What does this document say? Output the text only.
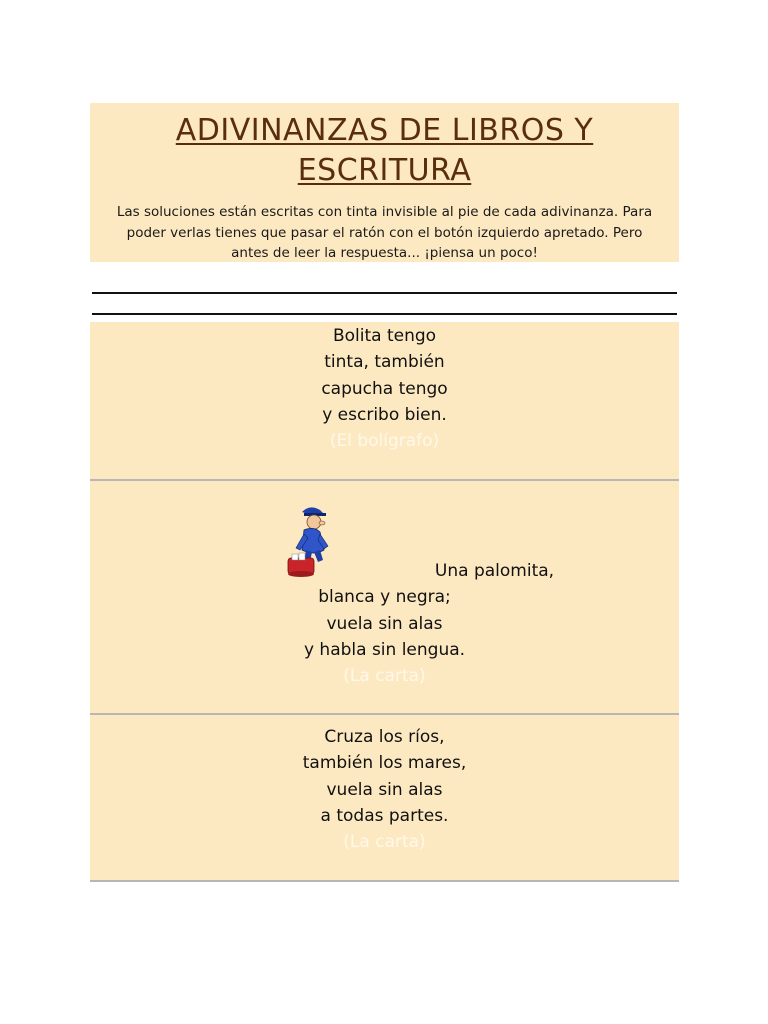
ADIVINANZAS DE LIBROS Y
ESCRITURA
Las soluciones están escritas con tinta invisible al pie de cada adivinanza. Para
poder verlas tienes que pasar el ratón con el botón izquierdo apretado. Pero
antes de leer la respuesta... ¡piensa un poco!
Bolita tengo
tinta, también
capucha tengo
y escribo bien.
(El bolígrafo)
Una palomita,
blanca y negra;
vuela sin alas
y habla sin lengua.
(La carta)
Cruza los ríos,
también los mares,
vuela sin alas
a todas partes.
(La carta)
